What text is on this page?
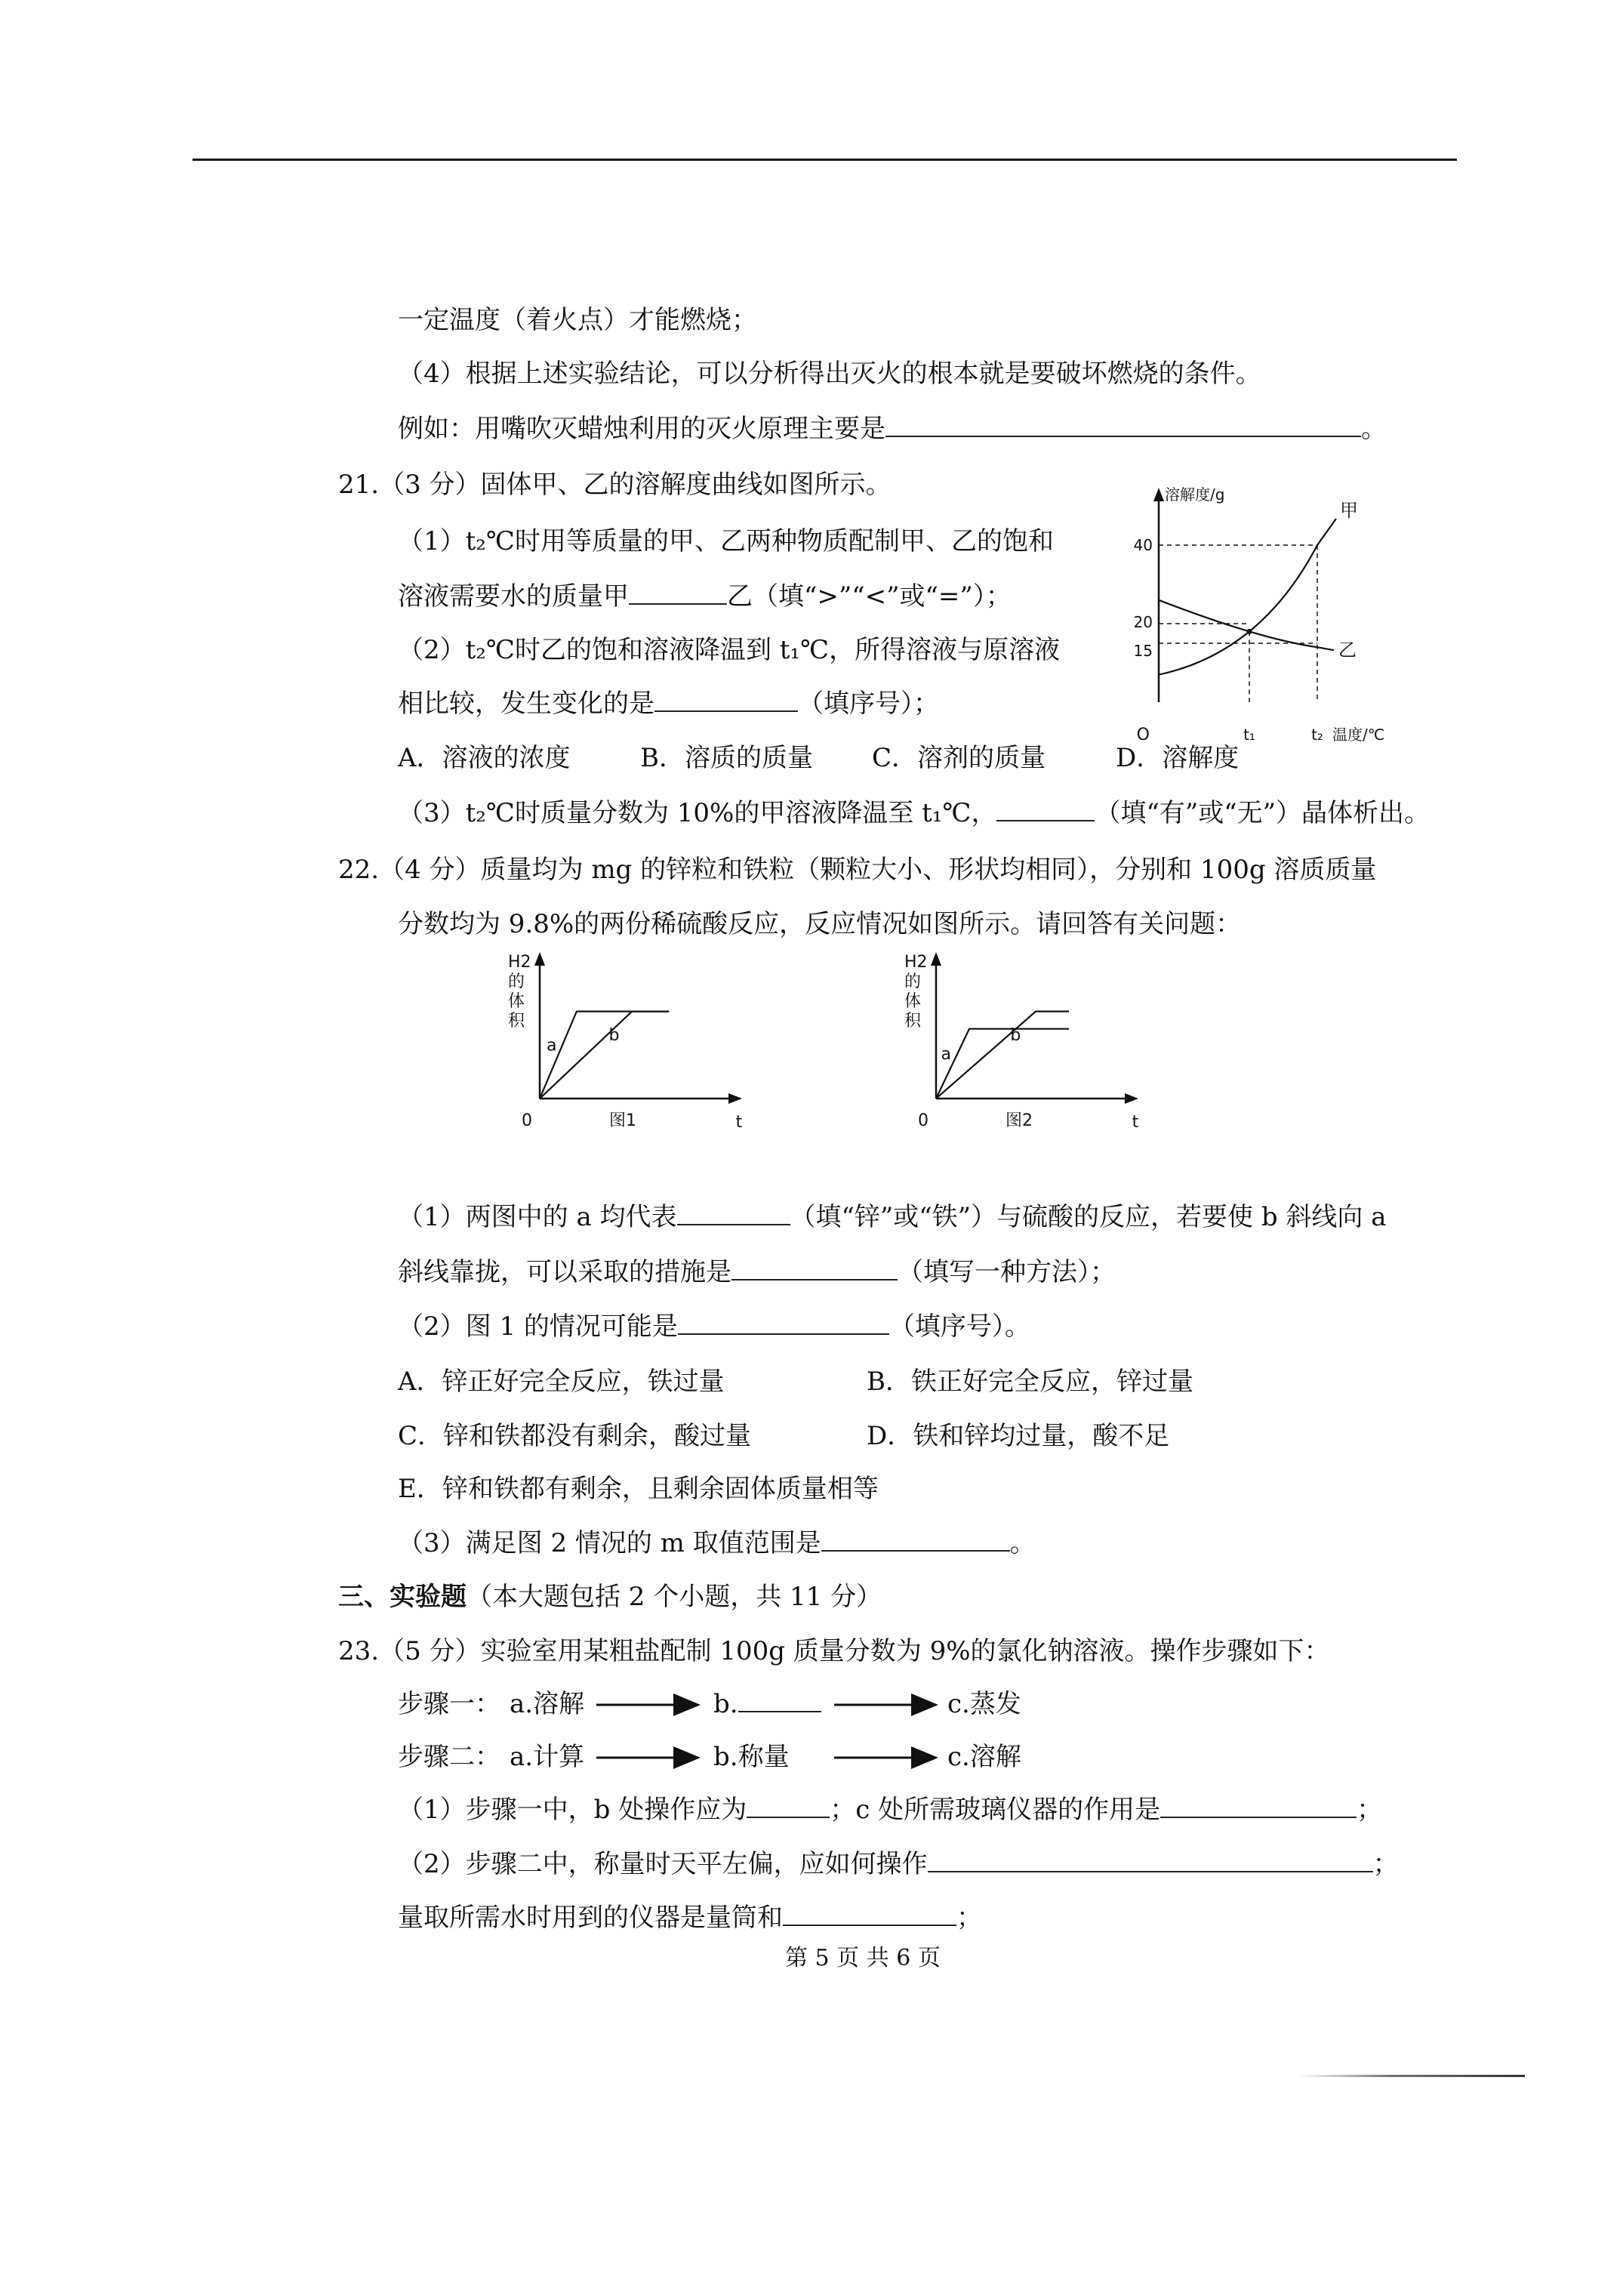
一定温度（着火点）才能燃烧；
（4）根据上述实验结论，可以分析得出灭火的根本就是要破坏燃烧的条件。
例如：用嘴吹灭蜡烛利用的灭火原理主要是	。
21.（3 分）固体甲、乙的溶解度曲线如图所示。
（1）t₂℃时用等质量的甲、乙两种物质配制甲、乙的饱和
溶液需要水的质量甲	乙（填“>”“<”或“=”）；
（2）t₂℃时乙的饱和溶液降温到 t₁℃，所得溶液与原溶液
相比较，发生变化的是	（填序号）；
A．溶液的浓度	B．溶质的质量 C．溶剂的质量	D．溶解度
（3）t₂℃时质量分数为 10%的甲溶液降温至 t₁℃，	（填“有”或“无”）晶体析出。
溶解度/g
O
40
20
15
t₁	t₂ 温度/℃
甲
乙
22.（4 分）质量均为 mg 的锌粒和铁粒（颗粒大小、形状均相同），分别和 100g 溶质质量
分数均为 9.8%的两份稀硫酸反应，反应情况如图所示。请回答有关问题：
H2
的
体
积
0	图1	t
a
b
H2
的
体
积
0	图2	t
a
b
（1）两图中的 a 均代表	（填“锌”或“铁”）与硫酸的反应，若要使 b 斜线向 a
斜线靠拢，可以采取的措施是	（填写一种方法）；
（2）图 1 的情况可能是	（填序号）。
A．锌正好完全反应，铁过量	B．铁正好完全反应，锌过量
C．锌和铁都没有剩余，酸过量	D．铁和锌均过量，酸不足
E．锌和铁都有剩余，且剩余固体质量相等
（3）满足图 2 情况的 m 取值范围是	。
三、实验题（本大题包括 2 个小题，共 11 分）
23.（5 分）实验室用某粗盐配制 100g 质量分数为 9%的氯化钠溶液。操作步骤如下：
步骤一： a.溶解	b.	c.蒸发
步骤二： a.计算	b.称量	c.溶解
（1）步骤一中，b 处操作应为	；c 处所需玻璃仪器的作用是	；
（2）步骤二中，称量时天平左偏，应如何操作	；
量取所需水时用到的仪器是量筒和	；
第 5 页 共 6 页
